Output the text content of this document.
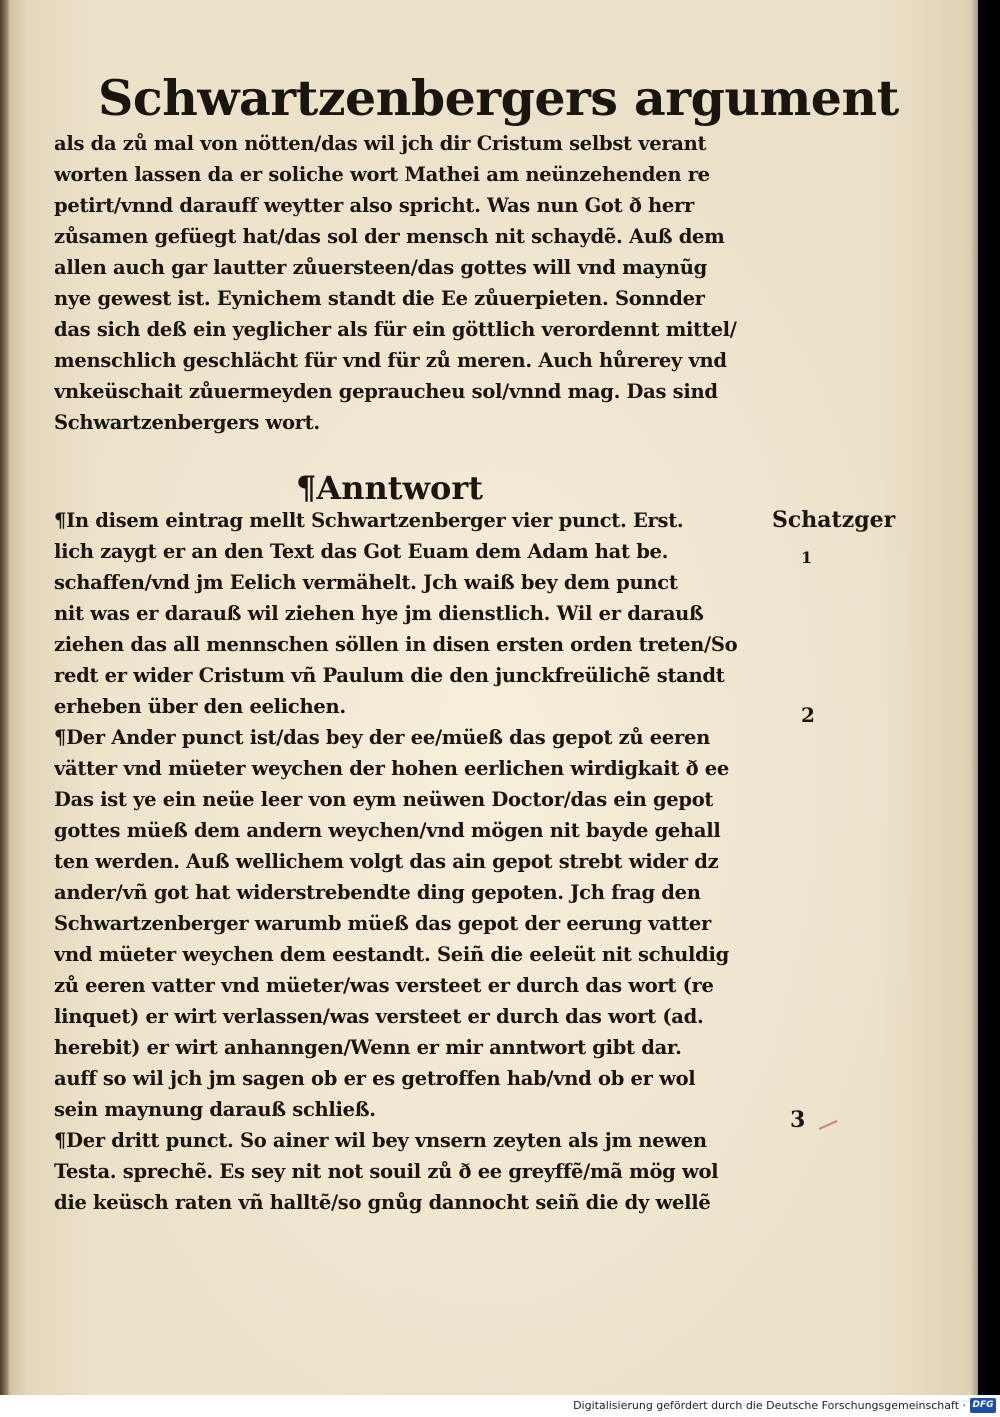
Schwartzenbergers argument
als da zů mal von nötten/das wil jch dir Cristum selbst verant
worten lassen da er soliche wort Mathei am neünzehenden re
petirt/vnnd darauff weytter also spricht. Was nun Got ð herr
zůsamen gefüegt hat/das sol der mensch nit schaydẽ. Auß dem
allen auch gar lautter zůuersteen/das gottes will vnd maynũg
nye gewest ist. Eynichem standt die Ee zůuerpieten. Sonnder
das sich deß ein yeglicher als für ein göttlich verordennt mittel/
menschlich geschlächt für vnd für zů meren. Auch hůrerey vnd
vnkeüschait zůuermeyden gepraucheu sol/vnnd mag. Das sind
Schwartzenbergers wort.
¶Anntwort
¶In disem eintrag mellt Schwartzenberger vier punct. Erst.
lich zaygt er an den Text das Got Euam dem Adam hat be.
schaffen/vnd jm Eelich vermähelt. Jch waiß bey dem punct
nit was er darauß wil ziehen hye jm dienstlich. Wil er darauß
ziehen das all mennschen söllen in disen ersten orden treten/So
redt er wider Cristum vñ Paulum die den junckfreülichẽ standt
erheben über den eelichen.
¶Der Ander punct ist/das bey der ee/müeß das gepot zů eeren
vätter vnd müeter weychen der hohen eerlichen wirdigkait ð ee
Das ist ye ein neüe leer von eym neüwen Doctor/das ein gepot
gottes müeß dem andern weychen/vnd mögen nit bayde gehall
ten werden. Auß wellichem volgt das ain gepot strebt wider dz
ander/vñ got hat widerstrebendte ding gepoten. Jch frag den
Schwartzenberger warumb müeß das gepot der eerung vatter
vnd müeter weychen dem eestandt. Seiñ die eeleüt nit schuldig
zů eeren vatter vnd müeter/was versteet er durch das wort (re
linquet) er wirt verlassen/was versteet er durch das wort (ad.
herebit) er wirt anhanngen/Wenn er mir anntwort gibt dar.
auff so wil jch jm sagen ob er es getroffen hab/vnd ob er wol
sein maynung darauß schließ.
¶Der dritt punct. So ainer wil bey vnsern zeyten als jm newen
Testa. sprechẽ. Es sey nit not souil zů ð ee greyffẽ/mã mög wol
die keüsch raten vñ halltẽ/so gnůg dannocht seiñ die dy wellẽ
Schatzger
1
2
3
Digitalisierung gefördert durch die Deutsche Forschungsgemeinschaft · DFG
